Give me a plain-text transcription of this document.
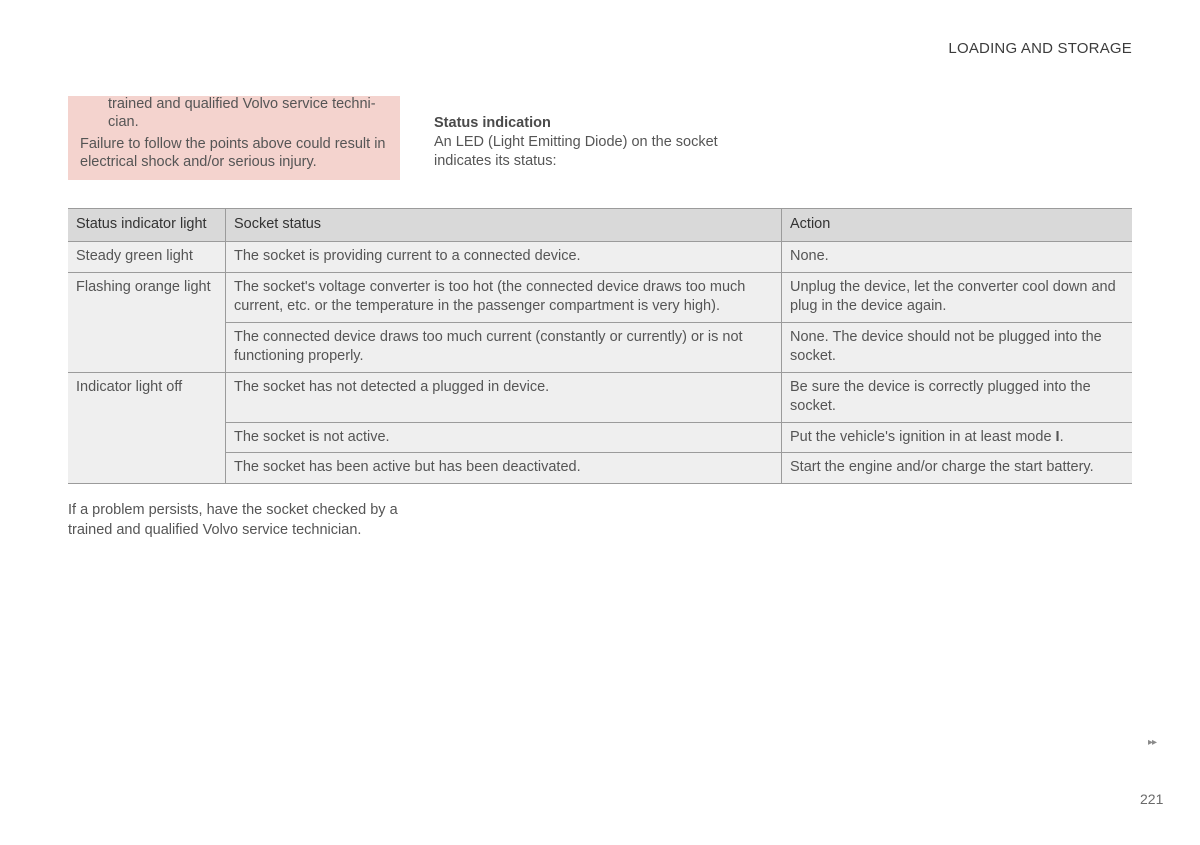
LOADING AND STORAGE
trained and qualified Volvo service techni-
cian.

Failure to follow the points above could result in electrical shock and/or serious injury.

Status indication

An LED (Light Emitting Diode) on the socket indicates its status:

Status indicator light	Socket status	Action
Steady green light	The socket is providing current to a connected device.	None.
Flashing orange light	The socket's voltage converter is too hot (the connected device draws too much current, etc. or the temperature in the passenger compartment is very high).	Unplug the device, let the converter cool down and plug in the device again.
	The connected device draws too much current (constantly or currently) or is not functioning properly.	None. The device should not be plugged into the socket.
Indicator light off	The socket has not detected a plugged in device.	Be sure the device is correctly plugged into the socket.
	The socket is not active.	Put the vehicle's ignition in at least mode I.
	The socket has been active but has been deactivated.	Start the engine and/or charge the start battery.

If a problem persists, have the socket checked by a trained and qualified Volvo service technician.

▸▸
221
